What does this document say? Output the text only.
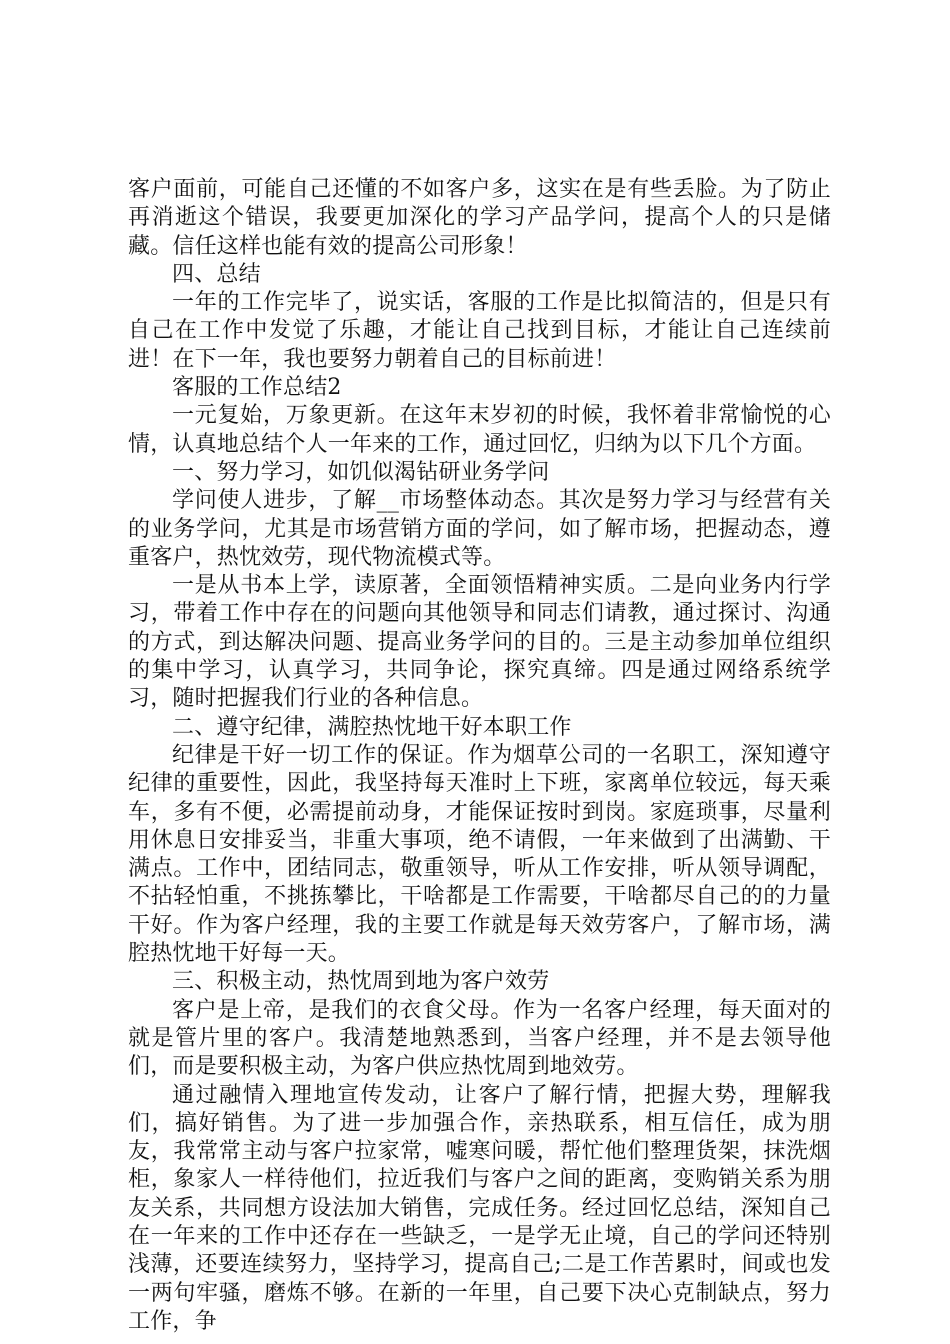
客户面前，可能自己还懂的不如客户多，这实在是有些丢脸。为了防止再消逝这个错误，我要更加深化的学习产品学问，提高个人的只是储藏。信任这样也能有效的提高公司形象！

四、总结

一年的工作完毕了，说实话，客服的工作是比拟简洁的，但是只有自己在工作中发觉了乐趣，才能让自己找到目标，才能让自己连续前进！在下一年，我也要努力朝着自己的目标前进！

客服的工作总结2

一元复始，万象更新。在这年末岁初的时候，我怀着非常愉悦的心情，认真地总结个人一年来的工作，通过回忆，归纳为以下几个方面。

一、努力学习，如饥似渴钻研业务学问

学问使人进步，了解__市场整体动态。其次是努力学习与经营有关的业务学问，尤其是市场营销方面的学问，如了解市场，把握动态，遵重客户，热忱效劳，现代物流模式等。

一是从书本上学，读原著，全面领悟精神实质。二是向业务内行学习，带着工作中存在的问题向其他领导和同志们请教，通过探讨、沟通的方式，到达解决问题、提高业务学问的目的。三是主动参加单位组织的集中学习，认真学习，共同争论，探究真缔。四是通过网络系统学习，随时把握我们行业的各种信息。

二、遵守纪律，满腔热忱地干好本职工作

纪律是干好一切工作的保证。作为烟草公司的一名职工，深知遵守纪律的重要性，因此，我坚持每天准时上下班，家离单位较远，每天乘车，多有不便，必需提前动身，才能保证按时到岗。家庭琐事，尽量利用休息日安排妥当，非重大事项，绝不请假，一年来做到了出满勤、干满点。工作中，团结同志，敬重领导，听从工作安排，听从领导调配，不拈轻怕重，不挑拣攀比，干啥都是工作需要，干啥都尽自己的的力量干好。作为客户经理，我的主要工作就是每天效劳客户，了解市场，满腔热忱地干好每一天。

三、积极主动，热忱周到地为客户效劳

客户是上帝，是我们的衣食父母。作为一名客户经理，每天面对的就是管片里的客户。我清楚地熟悉到，当客户经理，并不是去领导他们，而是要积极主动，为客户供应热忱周到地效劳。

通过融情入理地宣传发动，让客户了解行情，把握大势，理解我们，搞好销售。为了进一步加强合作，亲热联系，相互信任，成为朋友，我常常主动与客户拉家常，嘘寒问暖，帮忙他们整理货架，抹洗烟柜，象家人一样待他们，拉近我们与客户之间的距离，变购销关系为朋友关系，共同想方设法加大销售，完成任务。经过回忆总结，深知自己在一年来的工作中还存在一些缺乏，一是学无止境，自己的学问还特别浅薄，还要连续努力，坚持学习，提高自己;二是工作苦累时，间或也发一两句牢骚，磨炼不够。在新的一年里，自己要下决心克制缺点，努力工作，争
